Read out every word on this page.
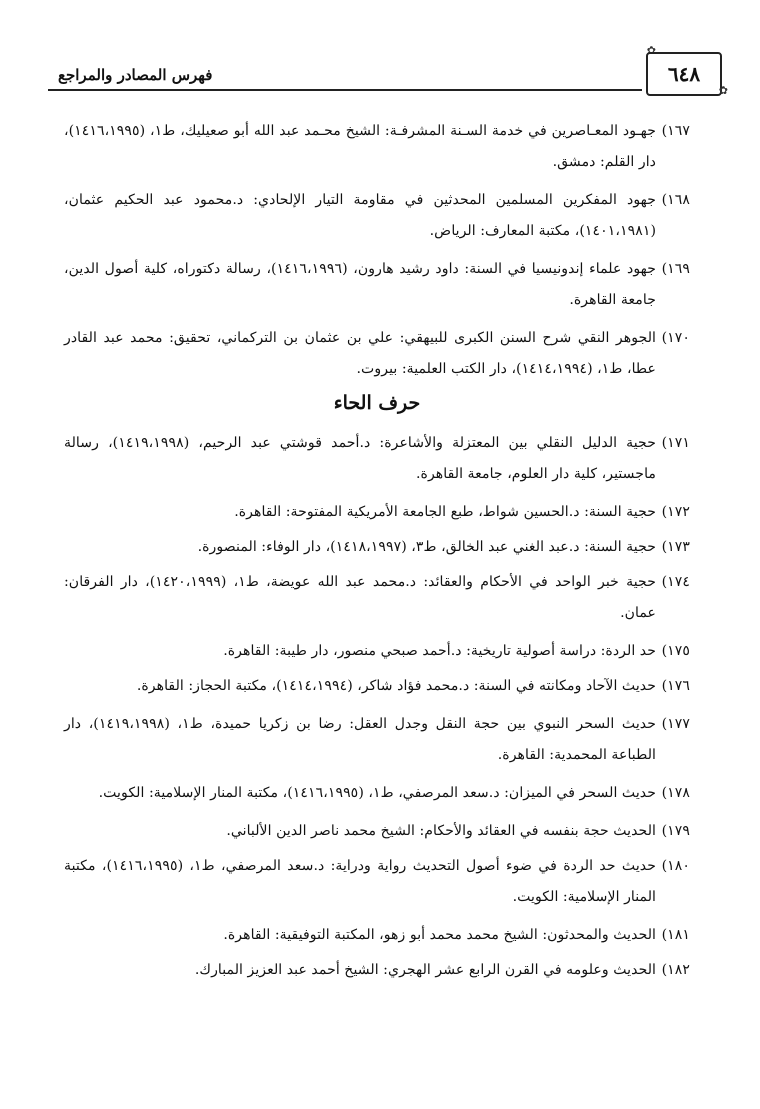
فهرس المصادر والمراجع
✿
٦٤٨
✿
١٦٧)
جهـود المعـاصرين في خدمة السـنة المشرفـة: الشيخ محـمد عبد الله أبو صعيليك، ط١، (١٤١٦،١٩٩٥)، دار القلم: دمشق.
١٦٨)
جهود المفكرين المسلمين المحدثين في مقاومة التيار الإلحادي: د.محمود عبد الحكيم عثمان، (١٤٠١،١٩٨١)، مكتبة المعارف: الرياض.
١٦٩)
جهود علماء إندونيسيا في السنة: داود رشيد هارون، (١٤١٦،١٩٩٦)، رسالة دكتوراه، كلية أصول الدين، جامعة القاهرة.
١٧٠)
الجوهر النقي شرح السنن الكبرى للبيهقي: علي بن عثمان بن التركماني، تحقيق: محمد عبد القادر عطا، ط١، (١٤١٤،١٩٩٤)، دار الكتب العلمية: بيروت.
حرف الحاء
١٧١)
حجية الدليل النقلي بين المعتزلة والأشاعرة: د.أحمد قوشتي عبد الرحيم، (١٤١٩،١٩٩٨)، رسالة ماجستير، كلية دار العلوم، جامعة القاهرة.
١٧٢)
حجية السنة: د.الحسين شواط، طبع الجامعة الأمريكية المفتوحة: القاهرة.
١٧٣)
حجية السنة: د.عبد الغني عبد الخالق، ط٣، (١٤١٨،١٩٩٧)، دار الوفاء: المنصورة.
١٧٤)
حجية خبر الواحد في الأحكام والعقائد: د.محمد عبد الله عويضة، ط١، (١٤٢٠،١٩٩٩)، دار الفرقان: عمان.
١٧٥)
حد الردة: دراسة أصولية تاريخية: د.أحمد صبحي منصور، دار طيبة: القاهرة.
١٧٦)
حديث الآحاد ومكانته في السنة: د.محمد فؤاد شاكر، (١٤١٤،١٩٩٤)، مكتبة الحجاز: القاهرة.
١٧٧)
حديث السحر النبوي بين حجة النقل وجدل العقل: رضا بن زكريا حميدة، ط١، (١٤١٩،١٩٩٨)، دار الطباعة المحمدية: القاهرة.
١٧٨)
حديث السحر في الميزان: د.سعد المرصفي، ط١، (١٤١٦،١٩٩٥)، مكتبة المنار الإسلامية: الكويت.
١٧٩)
الحديث حجة بنفسه في العقائد والأحكام: الشيخ محمد ناصر الدين الألباني.
١٨٠)
حديث حد الردة في ضوء أصول التحديث رواية ودراية: د.سعد المرصفي، ط١، (١٤١٦،١٩٩٥)، مكتبة المنار الإسلامية: الكويت.
١٨١)
الحديث والمحدثون: الشيخ محمد محمد أبو زهو، المكتبة التوفيقية: القاهرة.
١٨٢)
الحديث وعلومه في القرن الرابع عشر الهجري: الشيخ أحمد عبد العزيز المبارك.
